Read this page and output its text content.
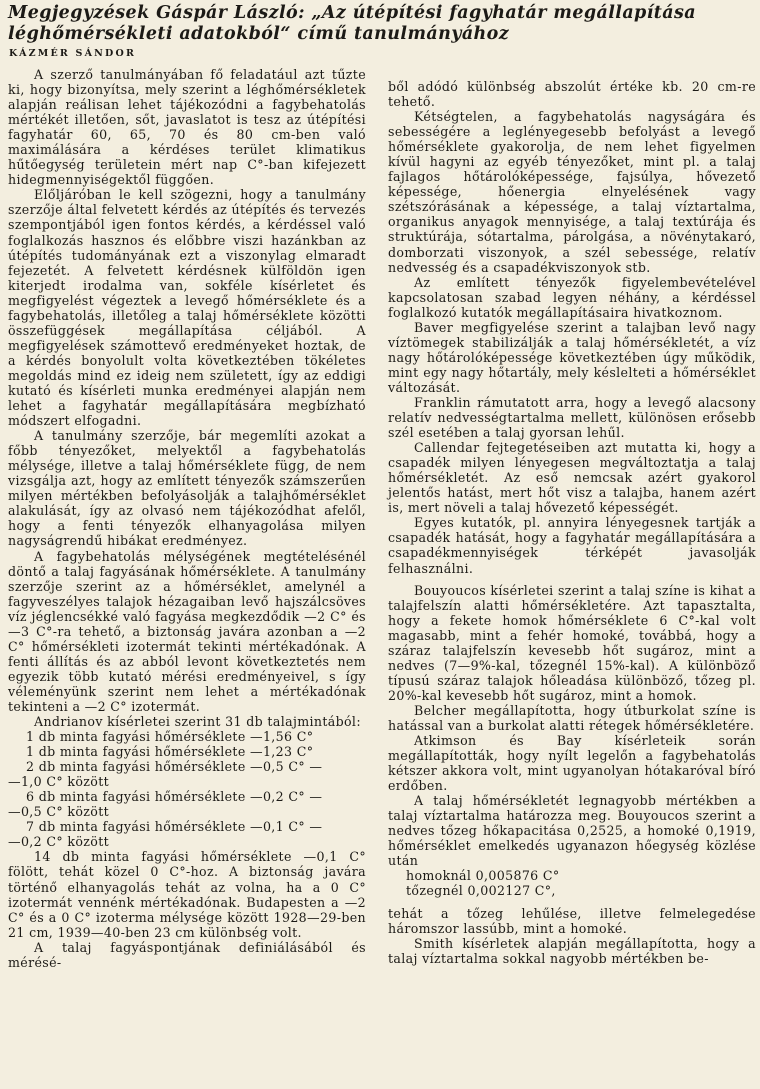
Megjegyzések Gáspár László: „Az útépítési fagyhatár megállapítása léghőmérsékleti adatokból“ című tanulmányához
KÁZMÉR SÁNDOR

A szerző tanulmányában fő feladatául azt tűzte ki, hogy bizonyítsa, mely szerint a léghőmérsékletek alapján reálisan lehet tájékozódni a fagybehatolás mértékét illetően, sőt, javaslatot is tesz az útépítési fagyhatár 60, 65, 70 és 80 cm-ben való maximálására a kérdéses terület klimatikus hűtőegység területein mért nap C°-ban kifejezett hidegmennyiségektől függően.

Előljáróban le kell szögezni, hogy a tanulmány szerzője által felvetett kérdés az útépítés és tervezés szempontjából igen fontos kérdés, a kérdéssel való foglalkozás hasznos és előbbre viszi hazánkban az útépítés tudományának ezt a viszonylag elmaradt fejezetét. A felvetett kérdésnek külföldön igen kiterjedt irodalma van, sokféle kísérletet és megfigyelést végeztek a levegő hőmérséklete és a fagybehatolás, illetőleg a talaj hőmérséklete közötti összefüggések megállapítása céljából. A megfigyelések számottevő eredményeket hoztak, de a kérdés bonyolult volta következtében tökéletes megoldás mind ez ideig nem született, így az eddigi kutató és kísérleti munka eredményei alapján nem lehet a fagyhatár megállapítására megbízható módszert elfogadni.

A tanulmány szerzője, bár megemlíti azokat a főbb tényezőket, melyektől a fagybehatolás mélysége, illetve a talaj hőmérséklete függ, de nem vizsgálja azt, hogy az említett tényezők számszerűen milyen mértékben befolyásolják a talajhőmérséklet alakulását, így az olvasó nem tájékozódhat afelől, hogy a fenti tényezők elhanyagolása milyen nagyságrendű hibákat eredményez.

A fagybehatolás mélységének megtételésénél döntő a talaj fagyásának hőmérséklete. A tanulmány szerzője szerint az a hőmérséklet, amelynél a fagyveszélyes talajok hézagaiban levő hajszálcsöves víz jéglencsékké való fagyása megkezdődik —2 C° és —3 C°-ra tehető, a biztonság javára azonban a —2 C° hőmérsékleti izotermát tekinti mértékadónak. A fenti állítás és az abból levont következtetés nem egyezik több kutató mérési eredményeivel, s így véleményünk szerint nem lehet a mértékadónak tekinteni a —2 C° izotermát.

Andrianov kísérletei szerint 31 db talajmintából:

1 db minta fagyási hőmérséklete —1,56 C°

1 db minta fagyási hőmérséklete —1,23 C°

2 db minta fagyási hőmérséklete —0,5 C° —

—1,0 C° között

6 db minta fagyási hőmérséklete —0,2 C° —

—0,5 C° között

7 db minta fagyási hőmérséklete —0,1 C° —

—0,2 C° között

14 db minta fagyási hőmérséklete —0,1 C° fölött, tehát közel 0 C°-hoz. A biztonság javára történő elhanyagolás tehát az volna, ha a 0 C° izotermát vennénk mértékadónak. Budapesten a —2 C° és a 0 C° izoterma mélysége között 1928—29-ben 21 cm, 1939—40-ben 23 cm különbség volt.

A talaj fagyáspontjának definiálásából és mérésé-

ből adódó különbség abszolút értéke kb. 20 cm-re tehető.

Kétségtelen, a fagybehatolás nagyságára és sebességére a leglényegesebb befolyást a levegő hőmérséklete gyakorolja, de nem lehet figyelmen kívül hagyni az egyéb tényezőket, mint pl. a talaj fajlagos hőtárolóképessége, fajsúlya, hővezető képessége, hőenergia elnyelésének vagy szétszórásának a képessége, a talaj víztartalma, organikus anyagok mennyisége, a talaj textúrája és struktúrája, sótartalma, párolgása, a növénytakaró, domborzati viszonyok, a szél sebessége, relatív nedvesség és a csapadékviszonyok stb.

Az említett tényezők figyelembevételével kapcsolatosan szabad legyen néhány, a kérdéssel foglalkozó kutatók megállapításaira hivatkoznom.

Baver megfigyelése szerint a talajban levő nagy víztömegek stabilizálják a talaj hőmérsékletét, a víz nagy hőtárolóképessége következtében úgy működik, mint egy nagy hőtartály, mely késlelteti a hőmérséklet változását.

Franklin rámutatott arra, hogy a levegő alacsony relatív nedvességtartalma mellett, különösen erősebb szél esetében a talaj gyorsan lehűl.

Callendar fejtegetéseiben azt mutatta ki, hogy a csapadék milyen lényegesen megváltoztatja a talaj hőmérsékletét. Az eső nemcsak azért gyakorol jelentős hatást, mert hőt visz a talajba, hanem azért is, mert növeli a talaj hővezető képességét.

Egyes kutatók, pl. annyira lényegesnek tartják a csapadék hatását, hogy a fagyhatár megállapítására a csapadékmennyiségek térképét javasolják felhasználni.

Bouyoucos kísérletei szerint a talaj színe is kihat a talajfelszín alatti hőmérsékletére. Azt tapasztalta, hogy a fekete homok hőmérséklete 6 C°-kal volt magasabb, mint a fehér homoké, továbbá, hogy a száraz talajfelszín kevesebb hőt sugároz, mint a nedves (7—9%-kal, tőzegnél 15%-kal). A különböző típusú száraz talajok hőleadása különböző, tőzeg pl. 20%-kal kevesebb hőt sugároz, mint a homok.

Belcher megállapította, hogy útburkolat színe is hatással van a burkolat alatti rétegek hőmérsékletére.

Atkimson és Bay kísérleteik során megállapították, hogy nyílt legelőn a fagybehatolás kétszer akkora volt, mint ugyanolyan hótakaróval bíró erdőben.

A talaj hőmérsékletét legnagyobb mértékben a talaj víztartalma határozza meg. Bouyoucos szerint a nedves tőzeg hőkapacitása 0,2525, a homoké 0,1919, hőmérséklet emelkedés ugyanazon hőegység közlése után

homoknál 0,005876 C°

tőzegnél 0,002127 C°,

tehát a tőzeg lehűlése, illetve felmelegedése háromszor lassúbb, mint a homoké.

Smith kísérletek alapján megállapította, hogy a talaj víztartalma sokkal nagyobb mértékben be-
